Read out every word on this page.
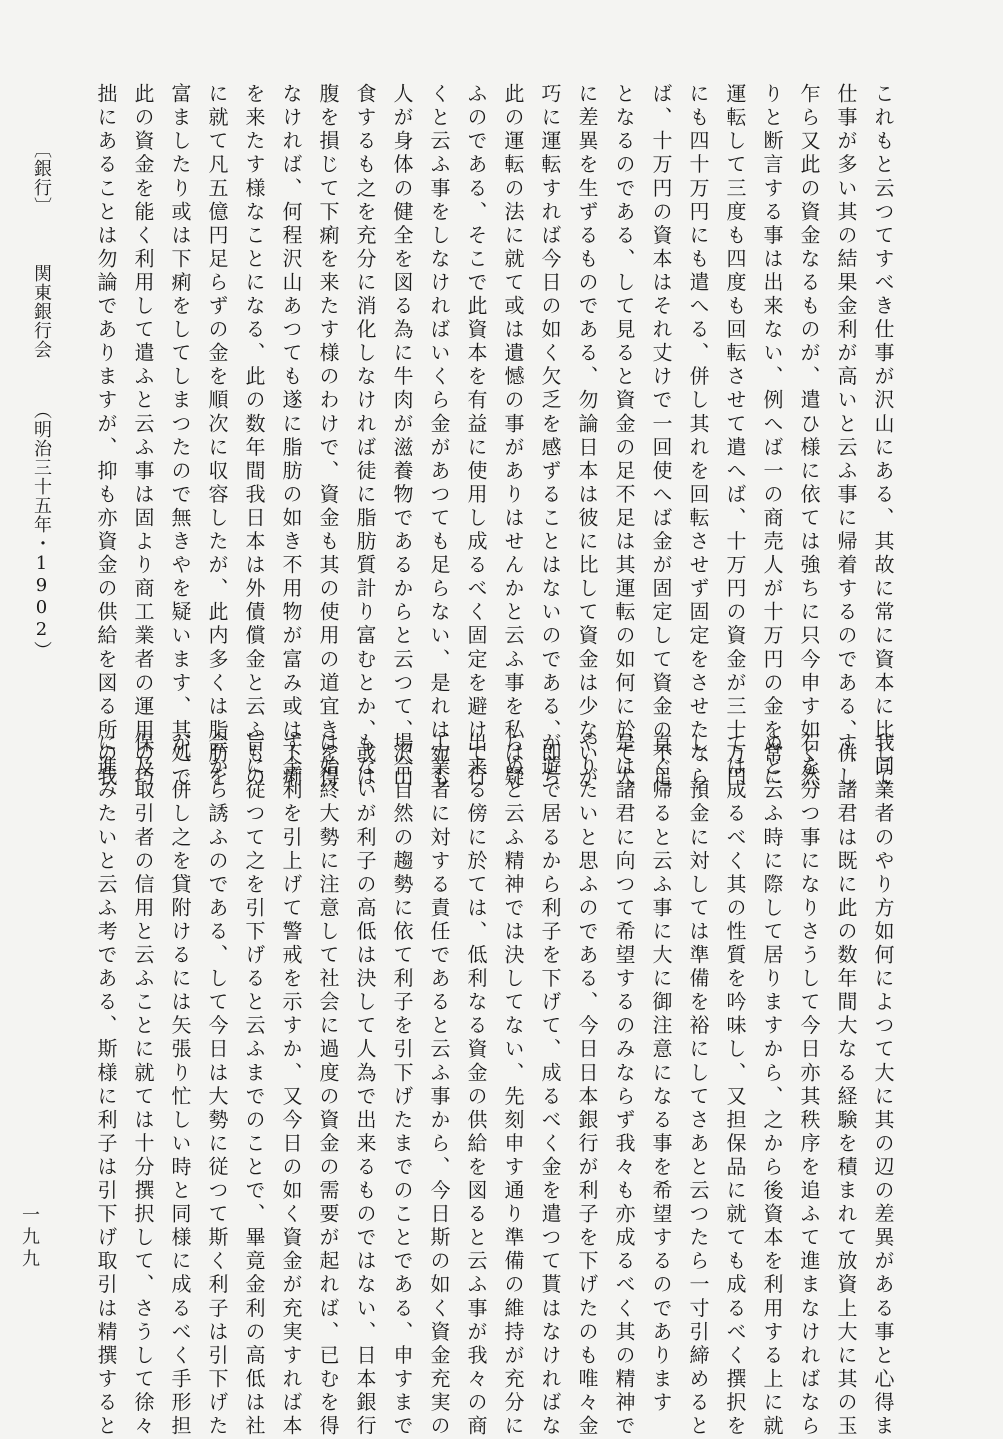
これもと云つてすべき仕事が沢山にある、其故に常に資本に比して
仕事が多い其の結果金利が高いと云ふ事に帰着するのである、併し
乍ら又此の資金なるものが、遣ひ様に依ては強ちに只今申す如く然
りと断言する事は出来ない、例へば一の商売人が十万円の金を常に
運転して三度も四度も回転させて遣へば、十万円の資金が三十万円
にも四十万円にも遣へる、併し其れを回転させず固定をさせたなら
ば、十万円の資本はそれ丈けで一回使へば金が固定して資金の不足
となるのである、して見ると資金の足不足は其運転の如何に於て大
に差異を生ずるものである、勿論日本は彼に比して資金は少ないが
巧に運転すれば今日の如く欠乏を感ずることはないのである、即ち
此の運転の法に就て或は遺憾の事がありはせんかと云ふ事を私は疑
ふのである、そこで此資本を有益に使用し成るべく固定を避けて行
くと云ふ事をしなければいくら金があつても足らない、是れは宛も
人が身体の健全を図る為に牛肉が滋養物であるからと云つて、沢山
食するも之を充分に消化しなければ徒に脂肪質計り富むとか、或は
腹を損じて下痢を来たす様のわけで、資金も其の使用の道宜きを得
なければ、何程沢山あつても遂に脂肪の如き不用物が富み或は下痢
を来たす様なことになる、此の数年間我日本は外債償金と云ふもの
に就て凡五億円足らずの金を順次に収容したが、此内多くは脂肪を
富ましたり或は下痢をしてしまつたので無きやを疑います、其処で
此の資金を能く利用して遣ふと云ふ事は固より商工業者の運用の巧
拙にあることは勿論でありますが、抑も亦資金の供給を図る所の我
我同業者のやり方如何によつて大に其の辺の差異がある事と心得ま
す、諸君は既に此の数年間大なる経験を積まれて放資上大に其の玉
石を分つ事になりさうして今日亦其秩序を追ふて進まなければなら
ぬと云ふ時に際して居りますから、之から後資本を利用する上に就
ては成るべく其の性質を吟味し、又担保品に就ても成るべく撰択を
し、預金に対しては準備を裕にしてさあと云つたら一寸引締めると
直ぐ帰ると云ふ事に大に御注意になる事を希望するのであります
是は諸君に向つて希望するのみならず我々も亦成るべく其の精神で
やりたいと思ふのである、今日日本銀行が利子を下げたのも唯々金
が遊で居るから利子を下げて、成るべく金を遣つて貰はなければな
らぬと云ふ精神では決してない、先刻申す通り準備の維持が充分に
出来る傍に於ては、低利なる資金の供給を図ると云ふ事が我々の商
工業者に対する責任であると云ふ事から、今日斯の如く資金充実の
場合自然の趨勢に依て利子を引下げたまでのことである、申すまで
もないが利子の高低は決して人為で出来るものではない、日本銀行
は始終大勢に注意して社会に過度の資金の需要が起れば、已むを得
ず金利を引上げて警戒を示すか、又今日の如く資金が充実すれば本
旨に従つて之を引下げると云ふまでのことで、畢竟金利の高低は社
会から誘ふのである、して今日は大勢に従つて斯く利子は引下げた
が、併し之を貸附けるには矢張り忙しい時と同様に成るべく手形担
保及取引者の信用と云ふことに就ては十分撰択して、さうして徐々
に進みたいと云ふ考である、斯様に利子は引下げ取引は精撰すると
〔銀行〕 関東銀行会 （明治三十五年・1902）
一九九
